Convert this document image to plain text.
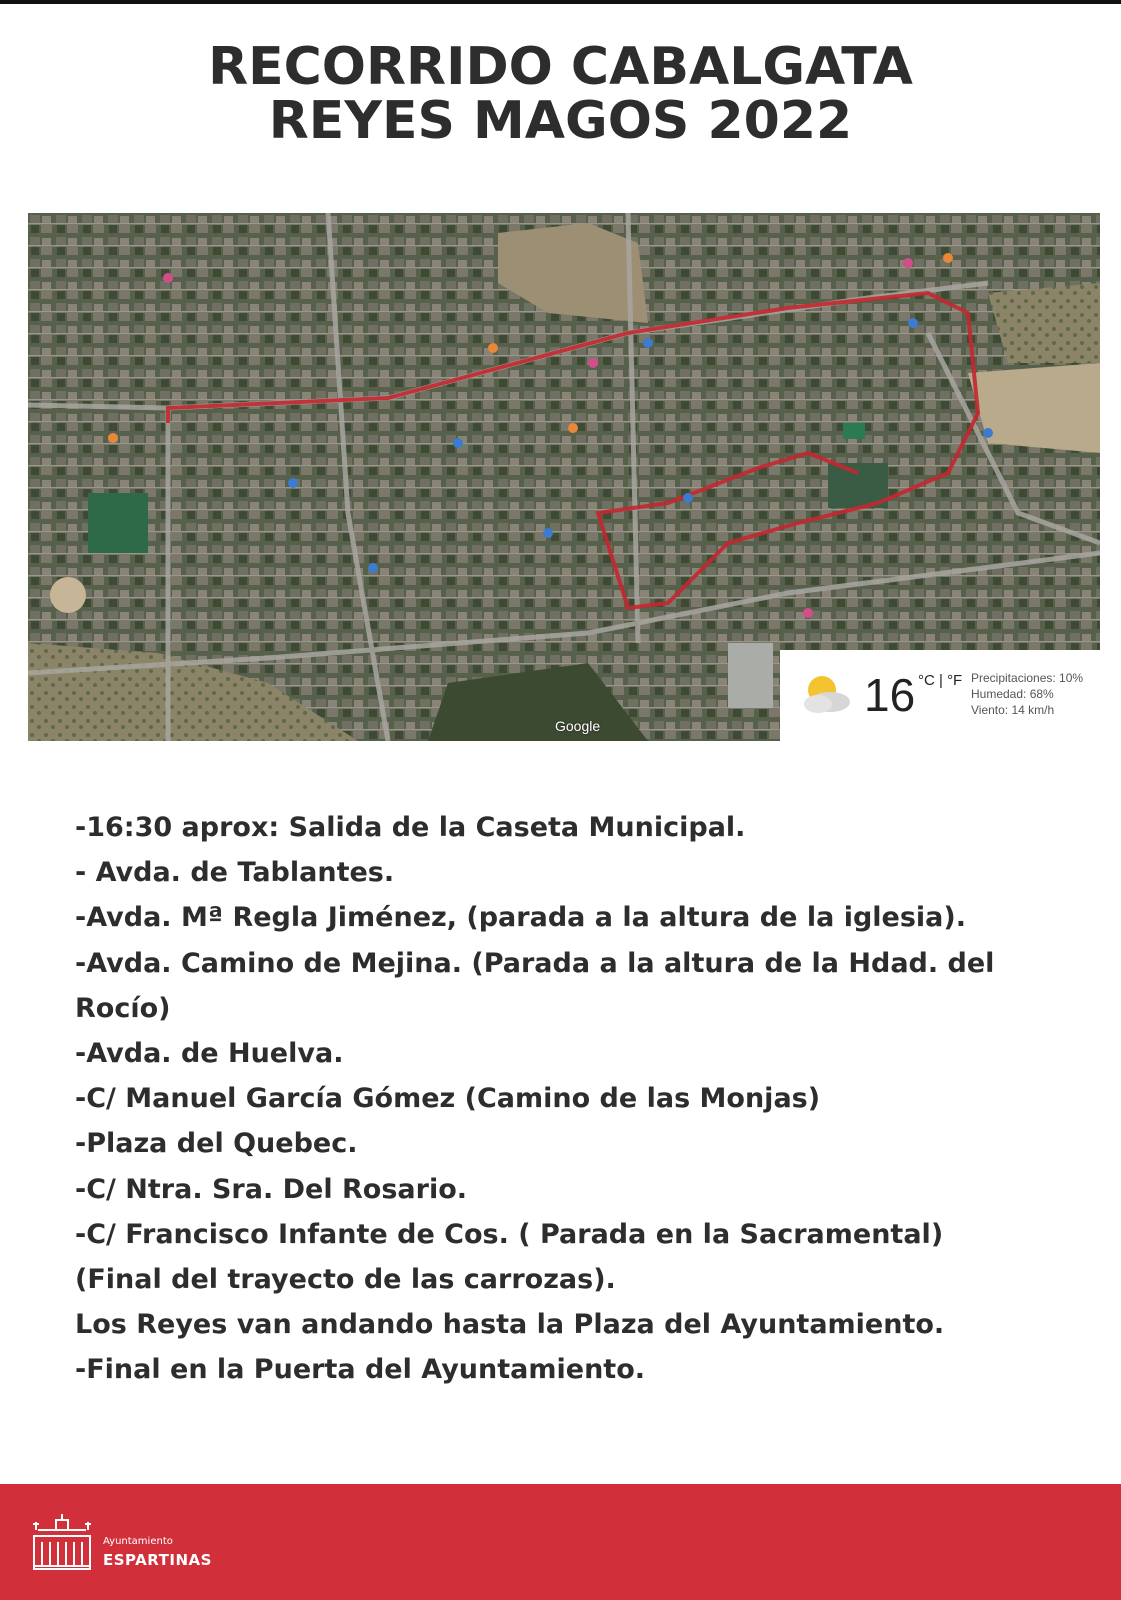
RECORRIDO CABALGATA
REYES MAGOS 2022
Google
16 °C | °F Precipitaciones: 10%
Humedad: 68%
Viento: 14 km/h
-16:30 aprox: Salida de la Caseta Municipal.
- Avda. de Tablantes.
-Avda. Mª Regla Jiménez, (parada a la altura de la iglesia).
-Avda. Camino de Mejina. (Parada a la altura de la Hdad. del
Rocío)
-Avda. de Huelva.
-C/ Manuel García Gómez (Camino de las Monjas)
-Plaza del Quebec.
-C/ Ntra. Sra. Del Rosario.
-C/ Francisco Infante de Cos. ( Parada en la Sacramental)
(Final del trayecto de las carrozas).
Los Reyes van andando hasta la Plaza del Ayuntamiento.
-Final en la Puerta del Ayuntamiento.
Ayuntamiento
ESPARTINAS
